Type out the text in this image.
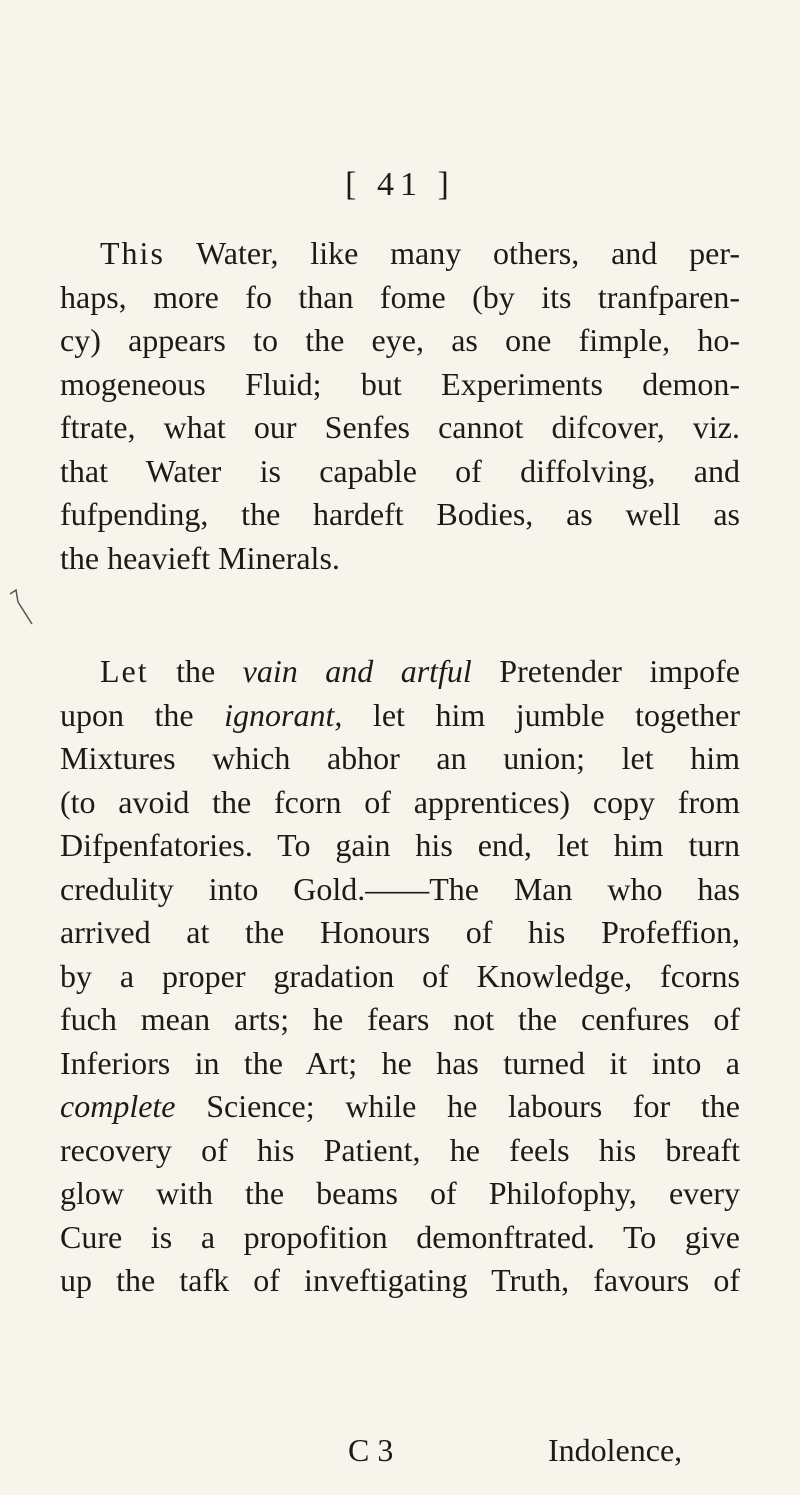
[ 41 ]
This Water, like many others, and per-
haps, more fo than fome (by its tranfparen-
cy) appears to the eye, as one fimple, ho-
mogeneous Fluid; but Experiments demon-
ftrate, what our Senfes cannot difcover, viz.
that Water is capable of diffolving, and
fufpending, the hardeft Bodies, as well as
the heavieft Minerals.
Let the vain and artful Pretender impofe
upon the ignorant, let him jumble together
Mixtures which abhor an union; let him
(to avoid the fcorn of apprentices) copy from
Difpenfatories. To gain his end, let him turn
credulity into Gold.——The Man who has
arrived at the Honours of his Profeffion,
by a proper gradation of Knowledge, fcorns
fuch mean arts; he fears not the cenfures of
Inferiors in the Art; he has turned it into a
complete Science; while he labours for the
recovery of his Patient, he feels his breaft
glow with the beams of Philofophy, every
Cure is a propofition demonftrated. To give
up the tafk of inveftigating Truth, favours of
C 3	Indolence,
